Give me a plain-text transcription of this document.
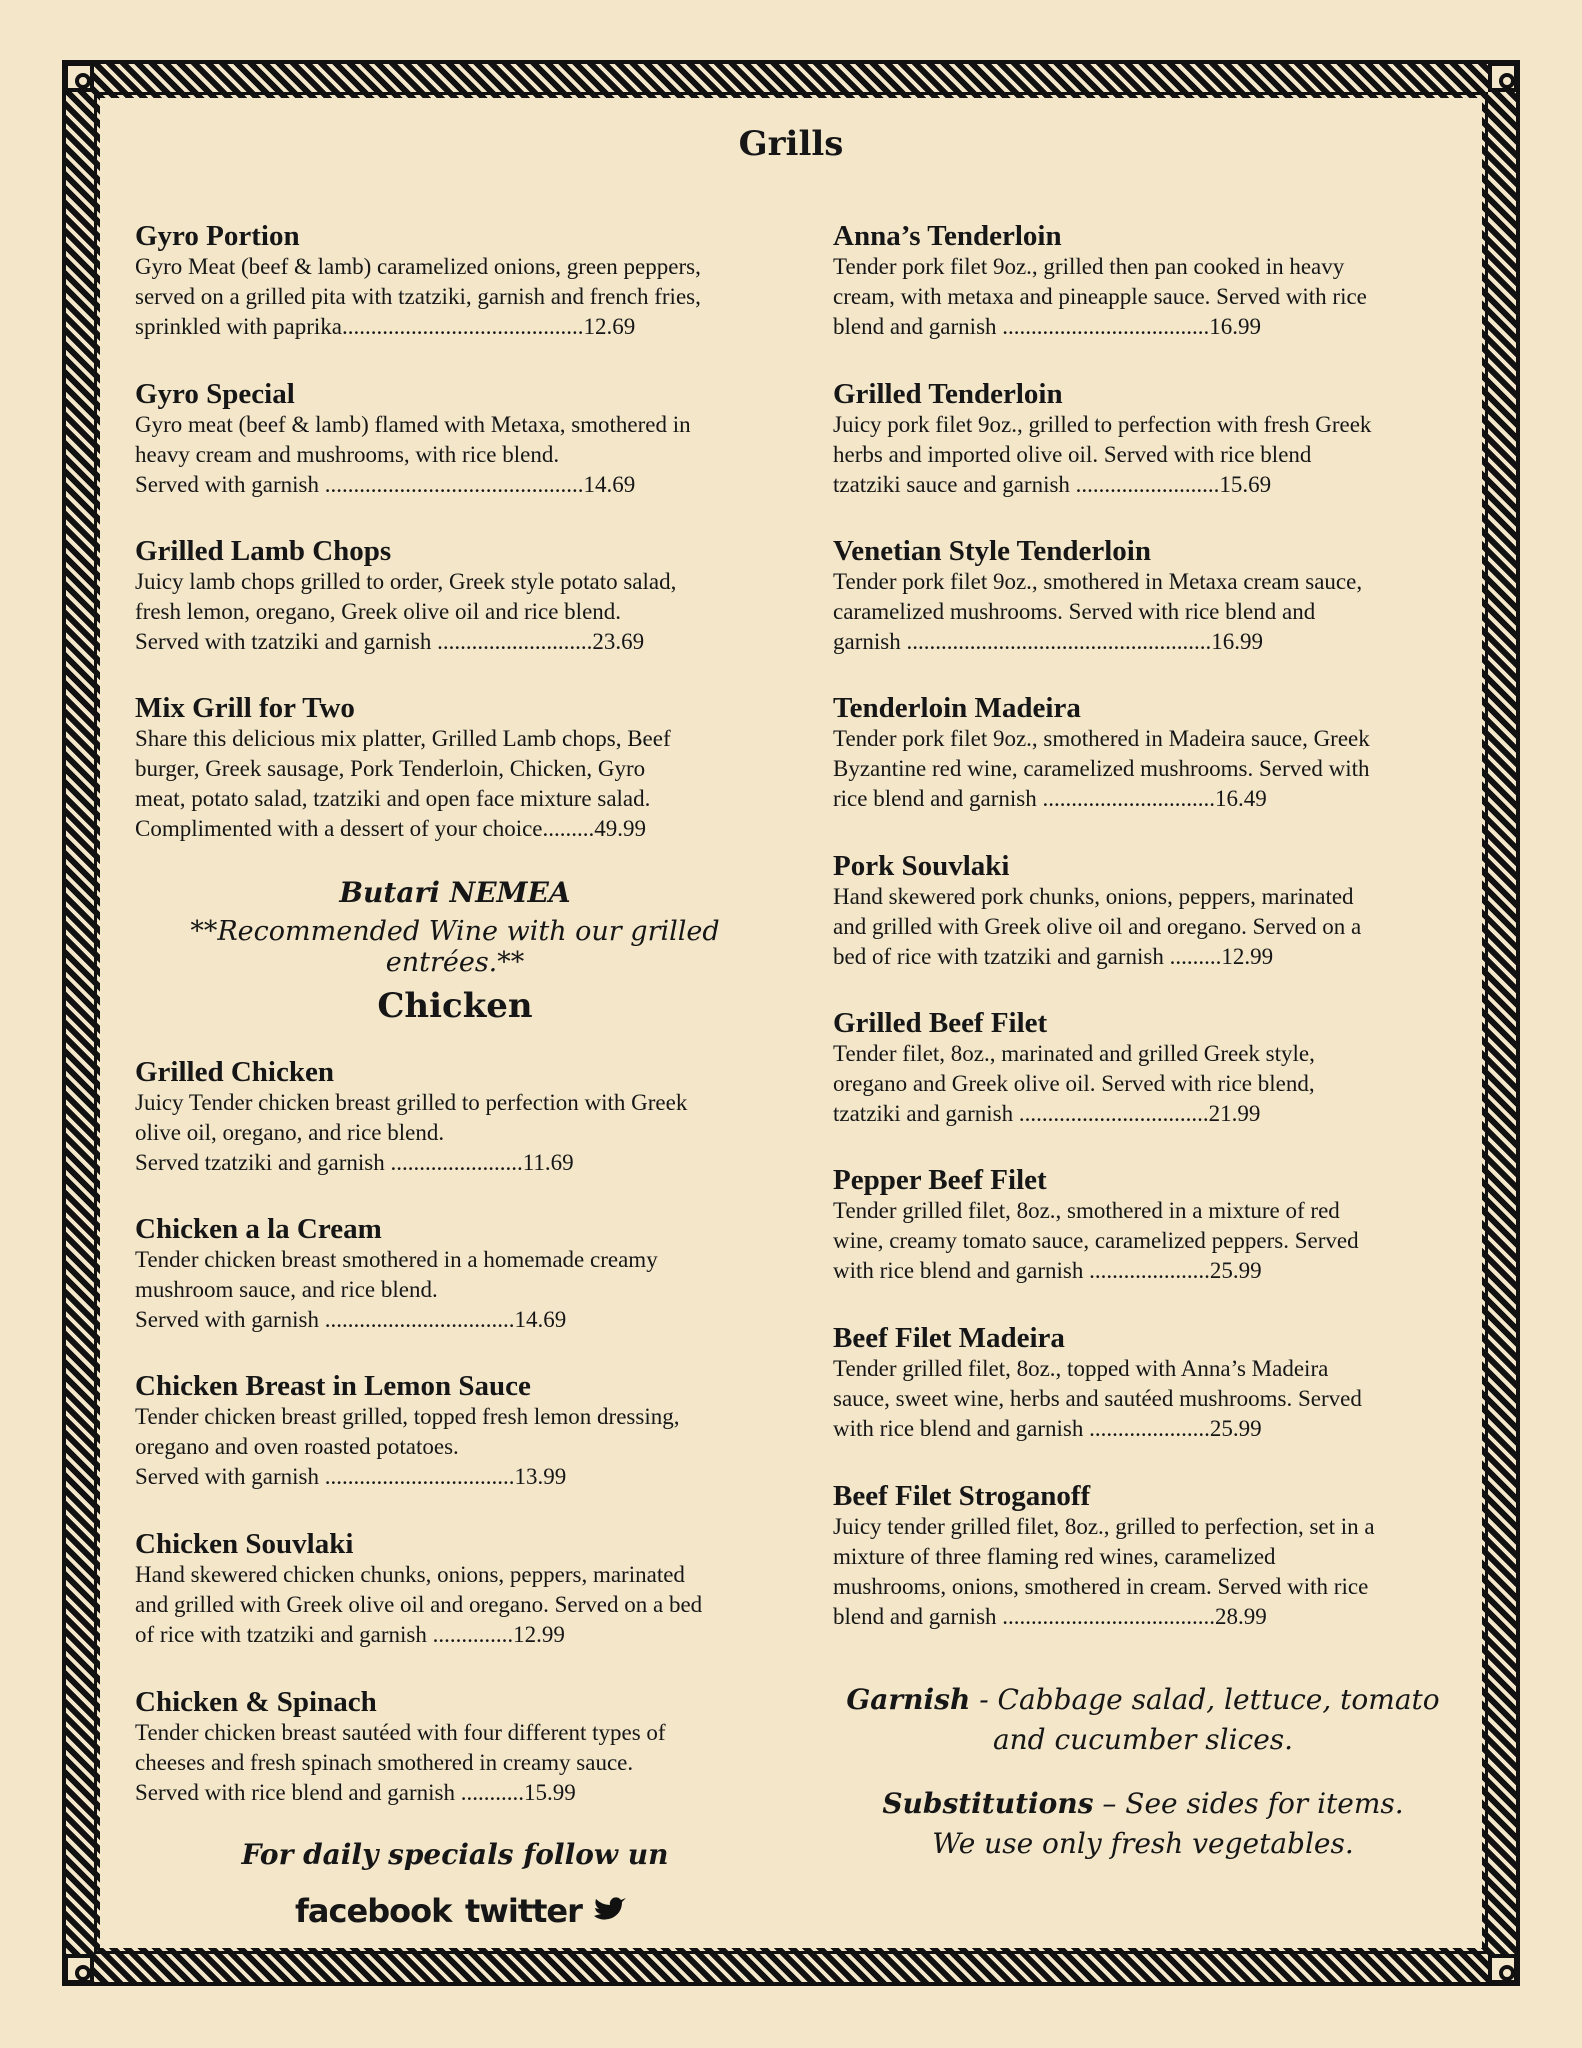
Grills

Gyro Portion

Gyro Meat (beef & lamb) caramelized onions, green peppers,

served on a grilled pita with tzatziki, garnish and french fries,

sprinkled with paprika..........................................12.69

Gyro Special

Gyro meat (beef & lamb) flamed with Metaxa, smothered in

heavy cream and mushrooms, with rice blend.

Served with garnish .............................................14.69

Grilled Lamb Chops

Juicy lamb chops grilled to order, Greek style potato salad,

fresh lemon, oregano, Greek olive oil and rice blend.

Served with tzatziki and garnish ...........................23.69

Mix Grill for Two

Share this delicious mix platter, Grilled Lamb chops, Beef

burger, Greek sausage, Pork Tenderloin, Chicken, Gyro

meat, potato salad, tzatziki and open face mixture salad.

Complimented with a dessert of your choice.........49.99

Butari NEMEA
**Recommended Wine with our grilled entrées.**
Chicken

Grilled Chicken

Juicy Tender chicken breast grilled to perfection with Greek

olive oil, oregano, and rice blend.

Served tzatziki and garnish .......................11.69

Chicken a la Cream

Tender chicken breast smothered in a homemade creamy

mushroom sauce, and rice blend.

Served with garnish .................................14.69

Chicken Breast in Lemon Sauce

Tender chicken breast grilled, topped fresh lemon dressing,

oregano and oven roasted potatoes.

Served with garnish .................................13.99

Chicken Souvlaki

Hand skewered chicken chunks, onions, peppers, marinated

and grilled with Greek olive oil and oregano. Served on a bed

of rice with tzatziki and garnish ..............12.99

Chicken & Spinach

Tender chicken breast sautéed with four different types of

cheeses and fresh spinach smothered in creamy sauce.

Served with rice blend and garnish ...........15.99

For daily specials follow un
facebook twitter

Anna’s Tenderloin

Tender pork filet 9oz., grilled then pan cooked in heavy

cream, with metaxa and pineapple sauce. Served with rice

blend and garnish ....................................16.99

Grilled Tenderloin

Juicy pork filet 9oz., grilled to perfection with fresh Greek

herbs and imported olive oil. Served with rice blend

tzatziki sauce and garnish .........................15.69

Venetian Style Tenderloin

Tender pork filet 9oz., smothered in Metaxa cream sauce,

caramelized mushrooms. Served with rice blend and

garnish .....................................................16.99

Tenderloin Madeira

Tender pork filet 9oz., smothered in Madeira sauce, Greek

Byzantine red wine, caramelized mushrooms. Served with

rice blend and garnish ..............................16.49

Pork Souvlaki

Hand skewered pork chunks, onions, peppers, marinated

and grilled with Greek olive oil and oregano. Served on a

bed of rice with tzatziki and garnish .........12.99

Grilled Beef Filet

Tender filet, 8oz., marinated and grilled Greek style,

oregano and Greek olive oil. Served with rice blend,

tzatziki and garnish .................................21.99

Pepper Beef Filet

Tender grilled filet, 8oz., smothered in a mixture of red

wine, creamy tomato sauce, caramelized peppers. Served

with rice blend and garnish .....................25.99

Beef Filet Madeira

Tender grilled filet, 8oz., topped with Anna’s Madeira

sauce, sweet wine, herbs and sautéed mushrooms. Served

with rice blend and garnish .....................25.99

Beef Filet Stroganoff

Juicy tender grilled filet, 8oz., grilled to perfection, set in a

mixture of three flaming red wines, caramelized

mushrooms, onions, smothered in cream. Served with rice

blend and garnish .....................................28.99

Garnish - Cabbage salad, lettuce, tomato
and cucumber slices.
Substitutions – See sides for items.
We use only fresh vegetables.
